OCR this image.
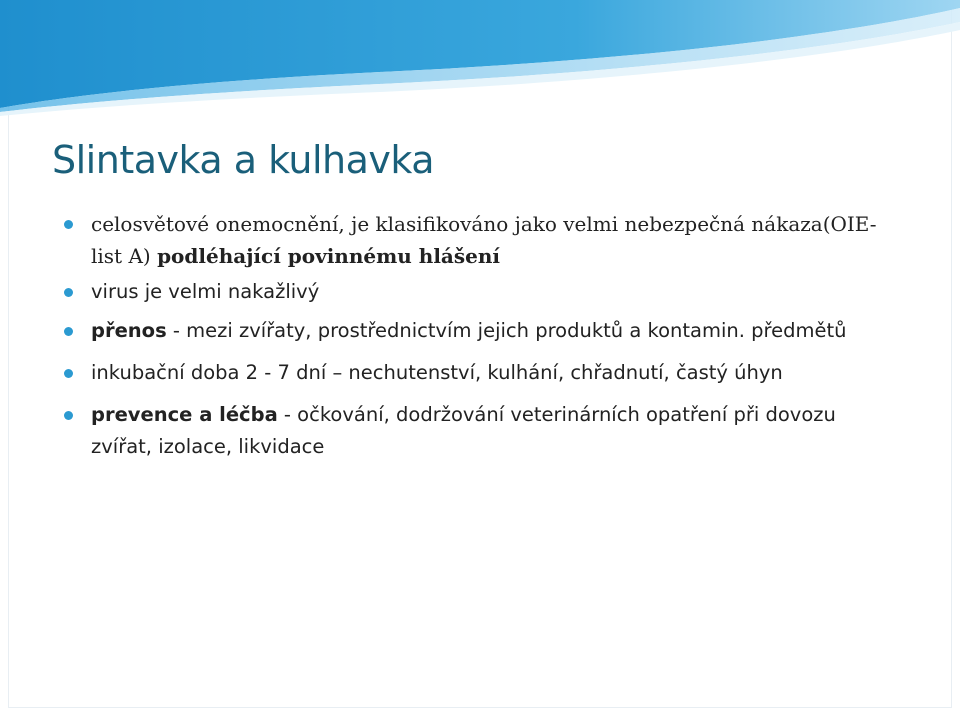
Slintavka a kulhavka
celosvětové onemocnění, je klasifikováno jako velmi nebezpečná nákaza(OIE-list A) podléhající povinnému hlášení
virus je velmi nakažlivý
přenos - mezi zvířaty, prostřednictvím jejich produktů a kontamin. předmětů
inkubační doba 2 - 7 dní – nechutenství, kulhání, chřadnutí, častý úhyn
prevence a léčba - očkování, dodržování veterinárních opatření při dovozu zvířat, izolace, likvidace
